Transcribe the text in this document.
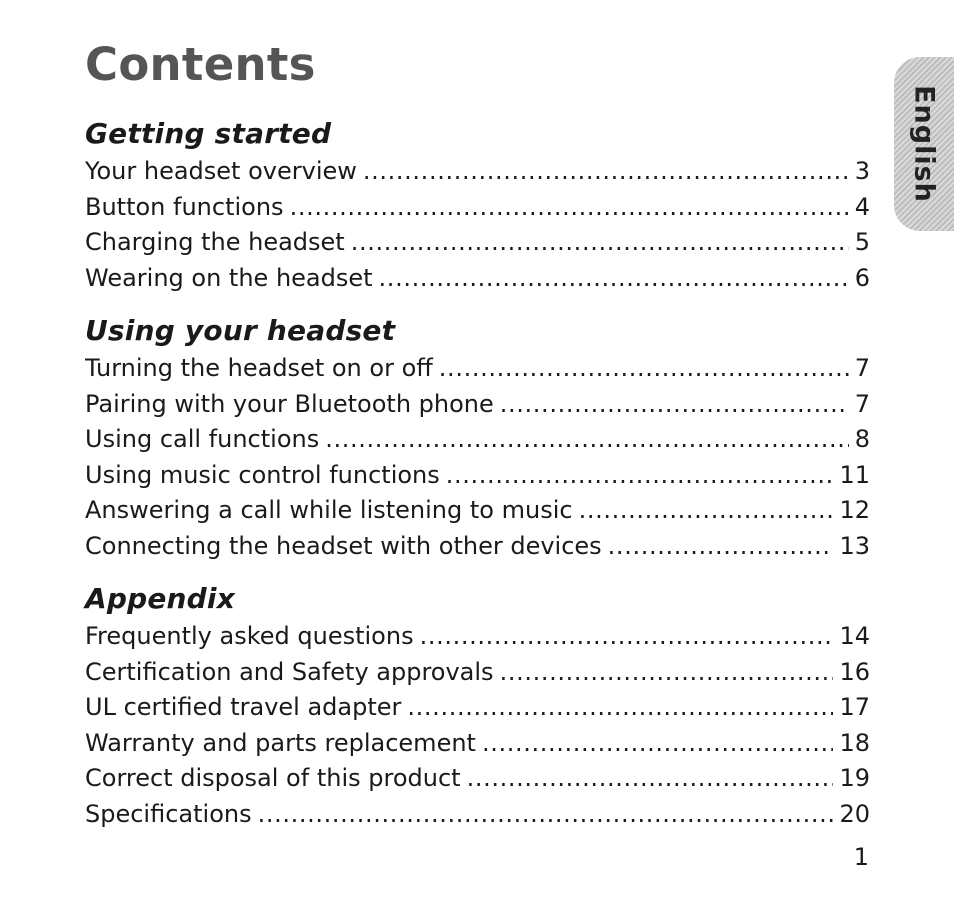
Contents
English
Getting started
Your headset overview . . .	3
Button functions . . .	4
Charging the headset . . .	5
Wearing on the headset . . .	6
Using your headset
Turning the headset on or off . . .	7
Pairing with your Bluetooth phone . . .	7
Using call functions . . .	8
Using music control functions . . .	11
Answering a call while listening to music . . .	12
Connecting the headset with other devices . . .	13
Appendix
Frequently asked questions . . .	14
Certification and Safety approvals . . .	16
UL certified travel adapter . . .	17
Warranty and parts replacement . . .	18
Correct disposal of this product . . .	19
Specifications . . .	20
1
